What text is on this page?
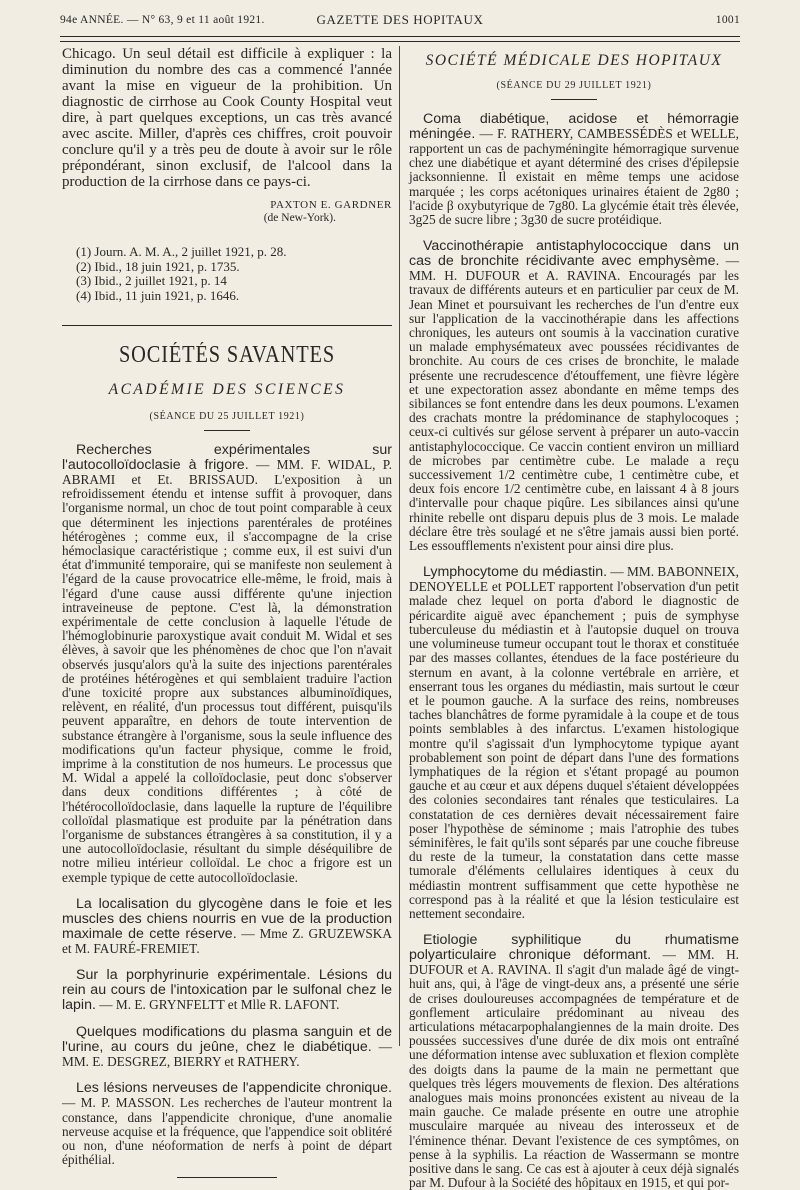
94e ANNÉE. — N° 63, 9 et 11 août 1921.	GAZETTE DES HOPITAUX	1001

Chicago. Un seul détail est difficile à expliquer : la diminution du nombre des cas a commencé l'année avant la mise en vigueur de la prohibition. Un diagnostic de cirrhose au Cook County Hospital veut dire, à part quelques exceptions, un cas très avancé avec ascite. Miller, d'après ces chiffres, croit pouvoir conclure qu'il y a très peu de doute à avoir sur le rôle prépondérant, sinon exclusif, de l'alcool dans la production de la cirrhose dans ce pays-ci.

PAXTON E. GARDNER
(de New-York).
(1) Journ. A. M. A., 2 juillet 1921, p. 28.
(2) Ibid., 18 juin 1921, p. 1735.
(3) Ibid., 2 juillet 1921, p. 14
(4) Ibid., 11 juin 1921, p. 1646.
SOCIÉTÉS SAVANTES
ACADÉMIE DES SCIENCES
(SÉANCE DU 25 JUILLET 1921)

Recherches expérimentales sur l'autocolloïdoclasie à frigore. — MM. F. WIDAL, P. ABRAMI et Et. BRISSAUD. L'exposition à un refroidissement étendu et intense suffit à provoquer, dans l'organisme normal, un choc de tout point comparable à ceux que déterminent les injections parentérales de protéines hétérogènes ; comme eux, il s'accompagne de la crise hémoclasique caractéristique ; comme eux, il est suivi d'un état d'immunité temporaire, qui se manifeste non seulement à l'égard de la cause provocatrice elle-même, le froid, mais à l'égard d'une cause aussi différente qu'une injection intraveineuse de peptone. C'est là, la démonstration expérimentale de cette conclusion à laquelle l'étude de l'hémoglobinurie paroxystique avait conduit M. Widal et ses élèves, à savoir que les phénomènes de choc que l'on n'avait observés jusqu'alors qu'à la suite des injections parentérales de protéines hétérogènes et qui semblaient traduire l'action d'une toxicité propre aux substances albuminoïdiques, relèvent, en réalité, d'un processus tout différent, puisqu'ils peuvent apparaître, en dehors de toute intervention de substance étrangère à l'organisme, sous la seule influence des modifications qu'un facteur physique, comme le froid, imprime à la constitution de nos humeurs. Le processus que M. Widal a appelé la colloïdoclasie, peut donc s'observer dans deux conditions différentes ; à côté de l'hétérocolloïdoclasie, dans laquelle la rupture de l'équilibre colloïdal plasmatique est produite par la pénétration dans l'organisme de substances étrangères à sa constitution, il y a une autocolloïdoclasie, résultant du simple déséquilibre de notre milieu intérieur colloïdal. Le choc a frigore est un exemple typique de cette autocolloïdoclasie.

La localisation du glycogène dans le foie et les muscles des chiens nourris en vue de la production maximale de cette réserve. — Mme Z. GRUZEWSKA et M. FAURÉ-FREMIET.

Sur la porphyrinurie expérimentale. Lésions du rein au cours de l'intoxication par le sulfonal chez le lapin. — M. E. GRYNFELTT et Mlle R. LAFONT.

Quelques modifications du plasma sanguin et de l'urine, au cours du jeûne, chez le diabétique. — MM. E. DESGREZ, BIERRY et RATHERY.

Les lésions nerveuses de l'appendicite chronique. — M. P. MASSON. Les recherches de l'auteur montrent la constance, dans l'appendicite chronique, d'une anomalie nerveuse acquise et la fréquence, que l'appendice soit oblitéré ou non, d'une néoformation de nerfs à point de départ épithélial.

SOCIÉTÉ MÉDICALE DES HOPITAUX
(SÉANCE DU 29 JUILLET 1921)

Coma diabétique, acidose et hémorragie méningée. — F. RATHERY, CAMBESSÉDÈS et WELLE, rapportent un cas de pachyméningite hémorragique survenue chez une diabétique et ayant déterminé des crises d'épilepsie jacksonnienne. Il existait en même temps une acidose marquée ; les corps acétoniques urinaires étaient de 2g80 ; l'acide β oxybutyrique de 7g80. La glycémie était très élevée, 3g25 de sucre libre ; 3g30 de sucre protéidique.

Vaccinothérapie antistaphylococcique dans un cas de bronchite récidivante avec emphysème. — MM. H. DUFOUR et A. RAVINA. Encouragés par les travaux de différents auteurs et en particulier par ceux de M. Jean Minet et poursuivant les recherches de l'un d'entre eux sur l'application de la vaccinothérapie dans les affections chroniques, les auteurs ont soumis à la vaccination curative un malade emphysémateux avec poussées récidivantes de bronchite. Au cours de ces crises de bronchite, le malade présente une recrudescence d'étouffement, une fièvre légère et une expectoration assez abondante en même temps des sibilances se font entendre dans les deux poumons. L'examen des crachats montre la prédominance de staphylocoques ; ceux-ci cultivés sur gélose servent à préparer un auto-vaccin antistaphylococcique. Ce vaccin contient environ un milliard de microbes par centimètre cube. Le malade a reçu successivement 1/2 centimètre cube, 1 centimètre cube, et deux fois encore 1/2 centimètre cube, en laissant 4 à 8 jours d'intervalle pour chaque piqûre. Les sibilances ainsi qu'une rhinite rebelle ont disparu depuis plus de 3 mois. Le malade déclare être très soulagé et ne s'être jamais aussi bien porté. Les essoufflements n'existent pour ainsi dire plus.

Lymphocytome du médiastin. — MM. BABONNEIX, DENOYELLE et POLLET rapportent l'observation d'un petit malade chez lequel on porta d'abord le diagnostic de péricardite aiguë avec épanchement ; puis de symphyse tuberculeuse du médiastin et à l'autopsie duquel on trouva une volumineuse tumeur occupant tout le thorax et constituée par des masses collantes, étendues de la face postérieure du sternum en avant, à la colonne vertébrale en arrière, et enserrant tous les organes du médiastin, mais surtout le cœur et le poumon gauche. A la surface des reins, nombreuses taches blanchâtres de forme pyramidale à la coupe et de tous points semblables à des infarctus. L'examen histologique montre qu'il s'agissait d'un lymphocytome typique ayant probablement son point de départ dans l'une des formations lymphatiques de la région et s'étant propagé au poumon gauche et au cœur et aux dépens duquel s'étaient développées des colonies secondaires tant rénales que testiculaires. La constatation de ces dernières devait nécessairement faire poser l'hypothèse de séminome ; mais l'atrophie des tubes séminifères, le fait qu'ils sont séparés par une couche fibreuse du reste de la tumeur, la constatation dans cette masse tumorale d'éléments cellulaires identiques à ceux du médiastin montrent suffisamment que cette hypothèse ne correspond pas à la réalité et que la lésion testiculaire est nettement secondaire.

Etiologie syphilitique du rhumatisme polyarticulaire chronique déformant. — MM. H. DUFOUR et A. RAVINA. Il s'agit d'un malade âgé de vingt-huit ans, qui, à l'âge de vingt-deux ans, a présenté une série de crises douloureuses accompagnées de température et de gonflement articulaire prédominant au niveau des articulations métacarpophalangiennes de la main droite. Des poussées successives d'une durée de dix mois ont entraîné une déformation intense avec subluxation et flexion complète des doigts dans la paume de la main ne permettant que quelques très légers mouvements de flexion. Des altérations analogues mais moins prononcées existent au niveau de la main gauche. Ce malade présente en outre une atrophie musculaire marquée au niveau des interosseux et de l'éminence thénar. Devant l'existence de ces symptômes, on pense à la syphilis. La réaction de Wassermann se montre positive dans le sang. Ce cas est à ajouter à ceux déjà signalés par M. Dufour à la Société des hôpitaux en 1915, et qui por-
